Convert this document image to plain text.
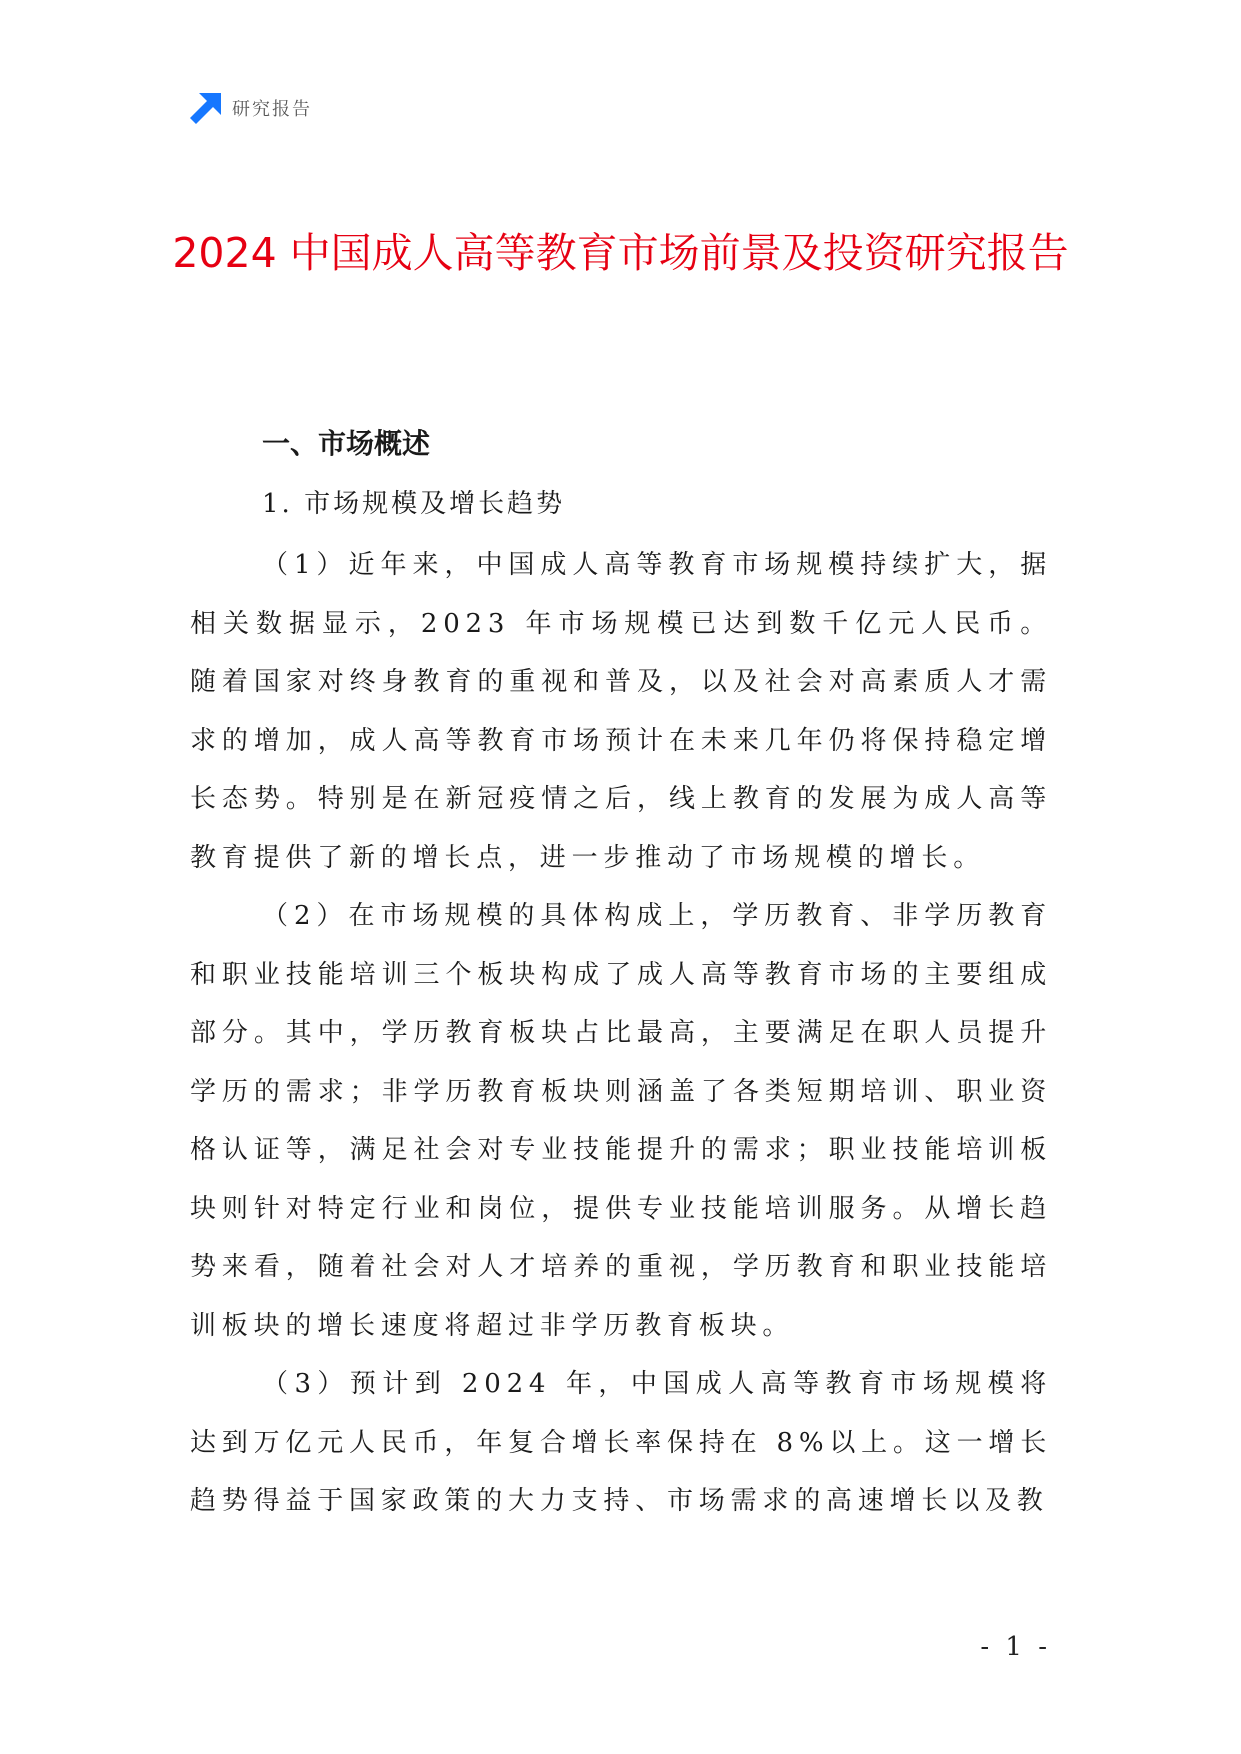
研究报告
2024 中国成人高等教育市场前景及投资研究报告
一、市场概述
1. 市场规模及增长趋势

（1）近年来，中国成人高等教育市场规模持续扩大，据相关数据显示，2023 年市场规模已达到数千亿元人民币。随着国家对终身教育的重视和普及，以及社会对高素质人才需求的增加，成人高等教育市场预计在未来几年仍将保持稳定增长态势。特别是在新冠疫情之后，线上教育的发展为成人高等教育提供了新的增长点，进一步推动了市场规模的增长。

（2）在市场规模的具体构成上，学历教育、非学历教育和职业技能培训三个板块构成了成人高等教育市场的主要组成部分。其中，学历教育板块占比最高，主要满足在职人员提升学历的需求；非学历教育板块则涵盖了各类短期培训、职业资格认证等，满足社会对专业技能提升的需求；职业技能培训板块则针对特定行业和岗位，提供专业技能培训服务。从增长趋势来看，随着社会对人才培养的重视，学历教育和职业技能培训板块的增长速度将超过非学历教育板块。

（3）预计到 2024 年，中国成人高等教育市场规模将达到万亿元人民币，年复合增长率保持在 8%以上。这一增长趋势得益于国家政策的大力支持、市场需求的高速增长以及教

- 1 -
